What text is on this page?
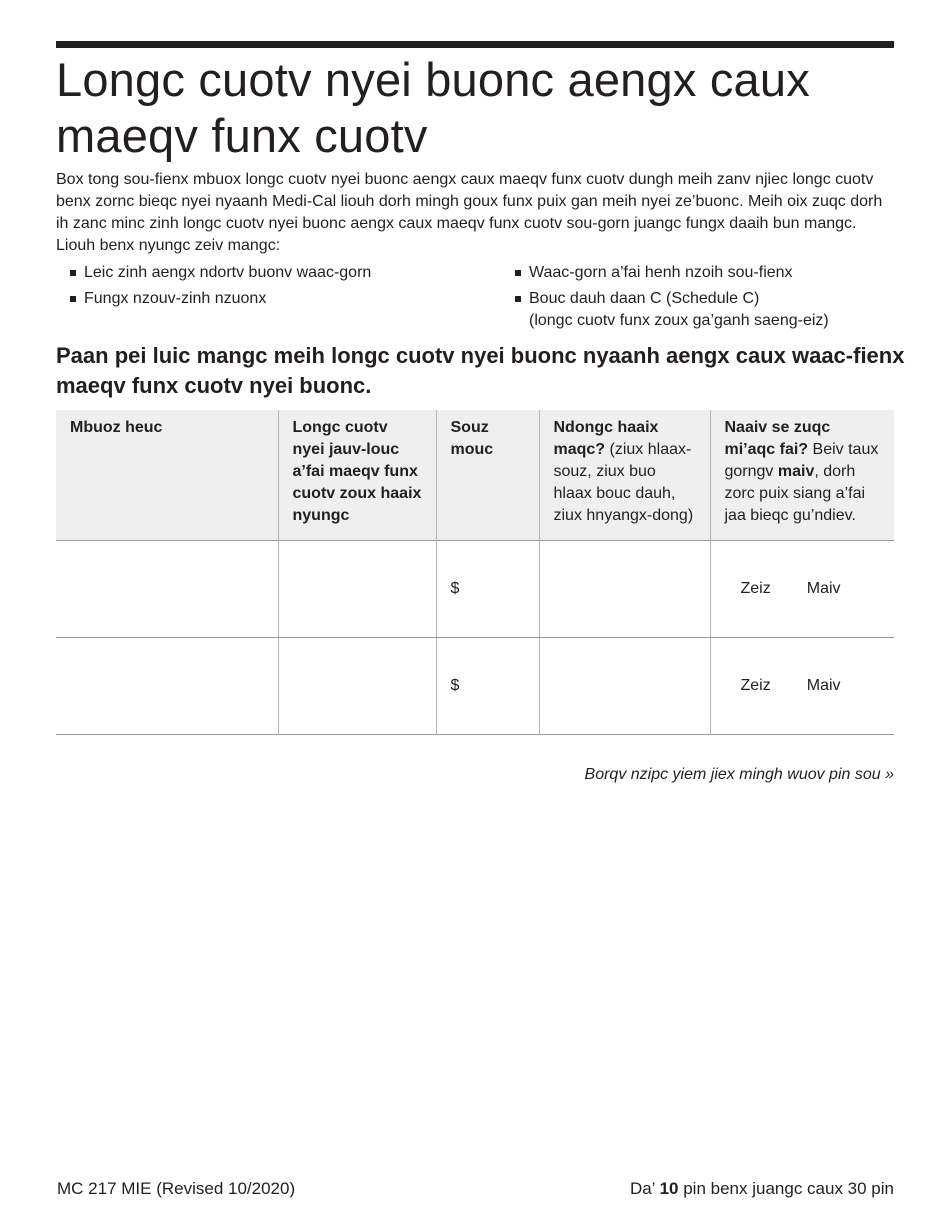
Longc cuotv nyei buonc aengx caux maeqv funx cuotv

Box tong sou-fienx mbuox longc cuotv nyei buonc aengx caux maeqv funx cuotv dungh meih zanv njiec longc cuotv benx zornc bieqc nyei nyaanh Medi-Cal liouh dorh mingh goux funx puix gan meih nyei ze’buonc. Meih oix zuqc dorh ih zanc minc zinh longc cuotv nyei buonc aengx caux maeqv funx cuotv sou-gorn juangc fungx daaih bun mangc. Liouh benx nyungc zeiv mangc:

Leic zinh aengx ndortv buonv waac-gorn
Fungx nzouv-zinh nzuonx
Waac-gorn a’fai henh nzoih sou-fienx
Bouc dauh daan C (Schedule C)
(longc cuotv funx zoux ga’ganh saeng-eiz)
Paan pei luic mangc meih longc cuotv nyei buonc nyaanh aengx caux waac-fienx maeqv funx cuotv nyei buonc.
Mbuoz heuc	Longc cuotv nyei jauv-louc a’fai maeqv funx cuotv zoux haaix nyungc	Souz mouc	Ndongc haaix maqc? (ziux hlaax-souz, ziux buo hlaax bouc dauh, ziux hnyangx-dong)	Naaiv se zuqc mi’aqc fai? Beiv taux gorngv maiv, dorh zorc puix siang a’fai jaa bieqc gu’ndiev.
		$		Zeiz Maiv

		$		Zeiz Maiv

Borqv nzipc yiem jiex mingh wuov pin sou »

MC 217 MIE (Revised 10/2020)	Da’ 10 pin benx juangc caux 30 pin
